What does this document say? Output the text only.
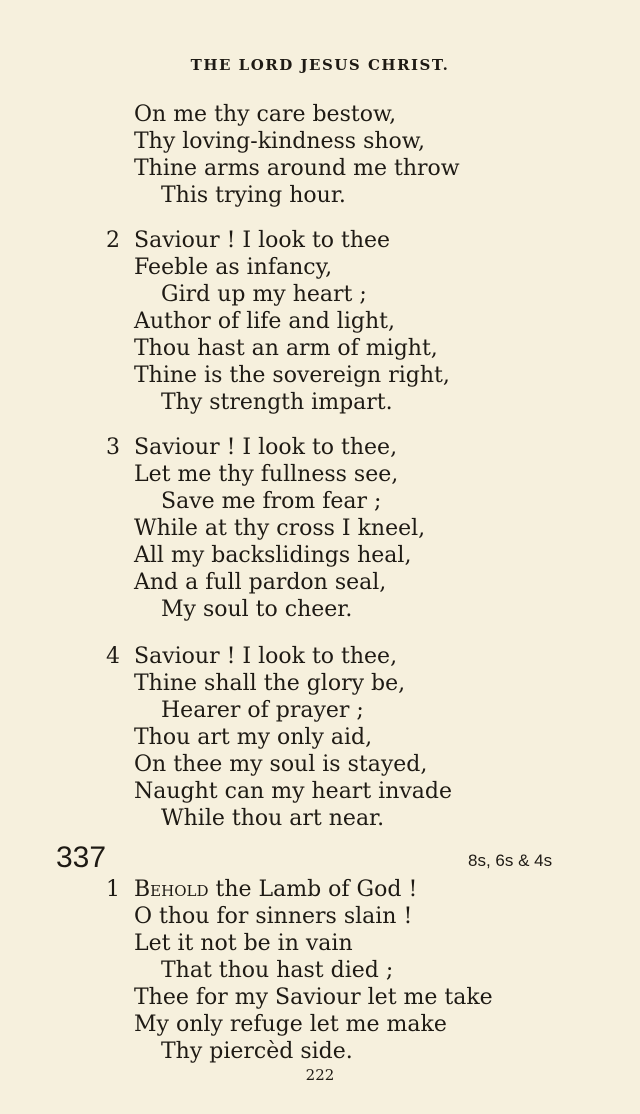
THE LORD JESUS CHRIST.
On me thy care bestow,
Thy loving-kindness show,
Thine arms around me throw
This trying hour.
2 Saviour ! I look to thee
Feeble as infancy,
Gird up my heart ;
Author of life and light,
Thou hast an arm of might,
Thine is the sovereign right,
Thy strength impart.
3 Saviour ! I look to thee,
Let me thy fullness see,
Save me from fear ;
While at thy cross I kneel,
All my backslidings heal,
And a full pardon seal,
My soul to cheer.
4 Saviour ! I look to thee,
Thine shall the glory be,
Hearer of prayer ;
Thou art my only aid,
On thee my soul is stayed,
Naught can my heart invade
While thou art near.
337	8s, 6s & 4s
1 Behold the Lamb of God !
O thou for sinners slain !
Let it not be in vain
That thou hast died ;
Thee for my Saviour let me take
My only refuge let me make
Thy piercèd side.
222
